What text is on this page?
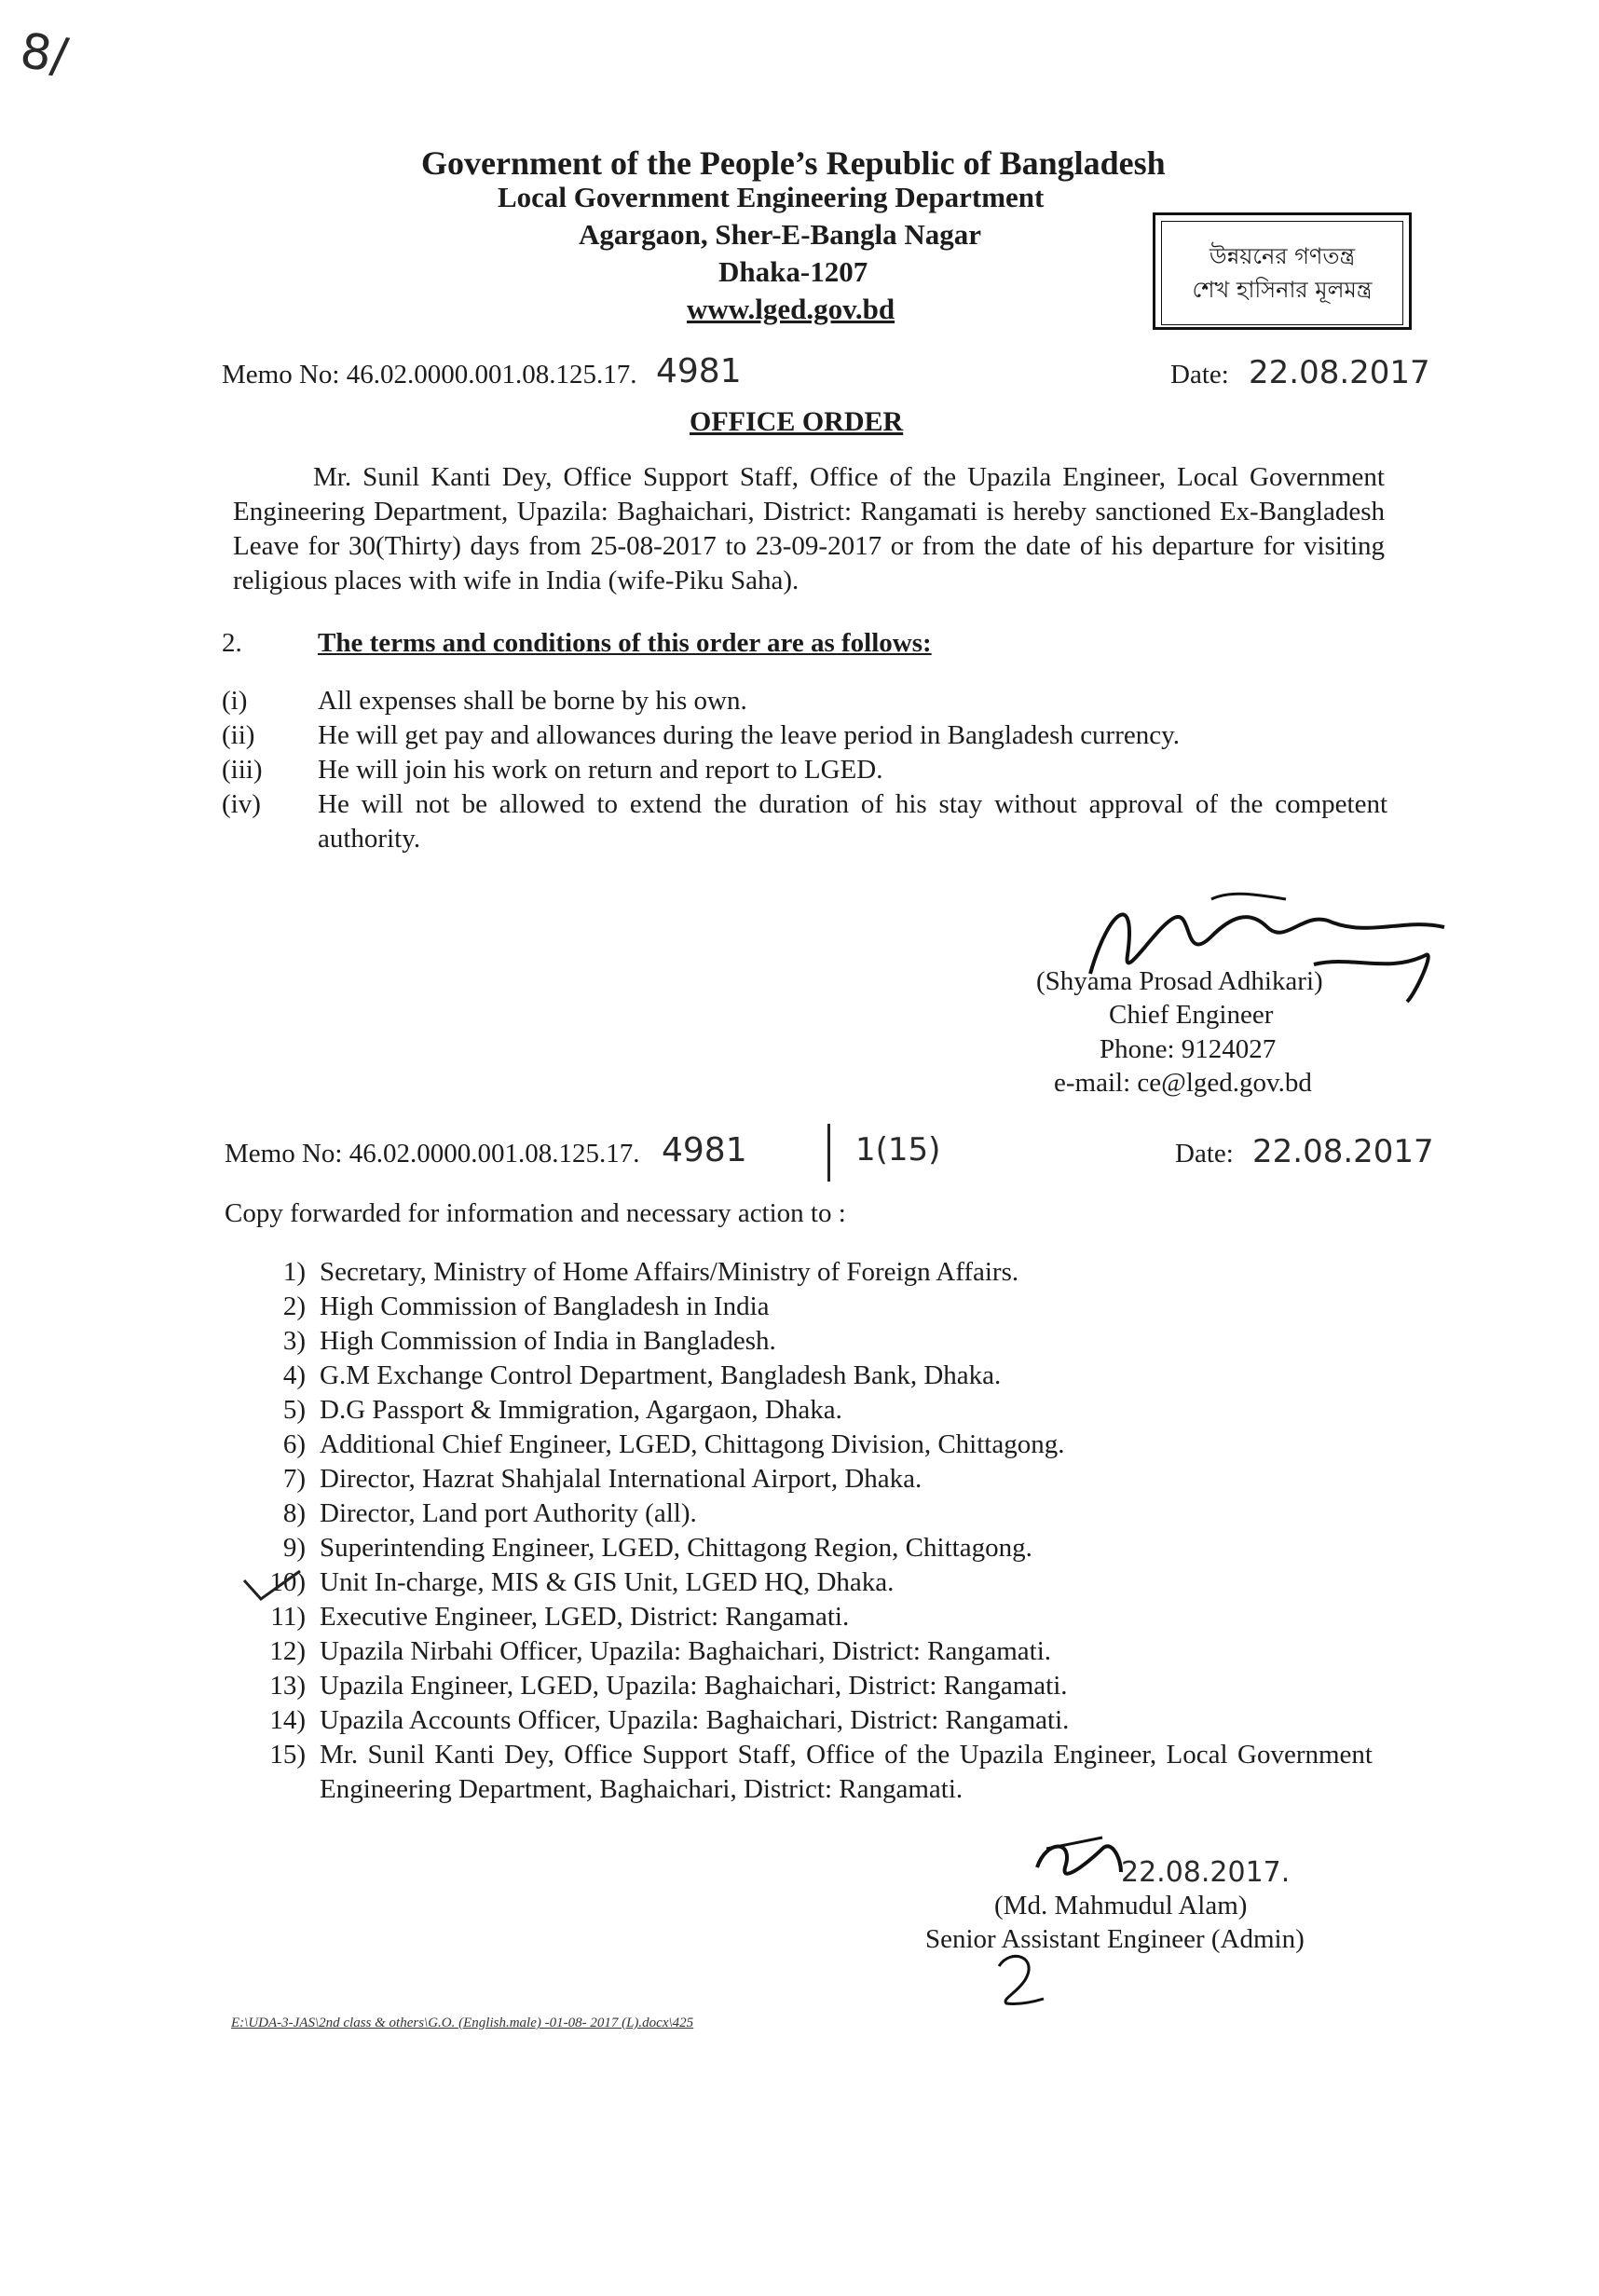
8/
Government of the People’s Republic of Bangladesh
Local Government Engineering Department
Agargaon, Sher-E-Bangla Nagar
Dhaka-1207
www.lged.gov.bd
উন্নয়নের গণতন্ত্র
শেখ হাসিনার মূলমন্ত্র
Memo No: 46.02.0000.001.08.125.17. 4981	Date: 22.08.2017
OFFICE ORDER
Mr. Sunil Kanti Dey, Office Support Staff, Office of the Upazila Engineer, Local Government Engineering Department, Upazila: Baghaichari, District: Rangamati is hereby sanctioned Ex-Bangladesh Leave for 30(Thirty) days from 25-08-2017 to 23-09-2017 or from the date of his departure for visiting religious places with wife in India (wife-Piku Saha).
2.	The terms and conditions of this order are as follows:
(i)	All expenses shall be borne by his own.
(ii)	He will get pay and allowances during the leave period in Bangladesh currency.
(iii)	He will join his work on return and report to LGED.
(iv)	He will not be allowed to extend the duration of his stay without approval of the competent authority.
(Shyama Prosad Adhikari)
Chief Engineer
Phone: 9124027
e-mail: ce@lged.gov.bd
Memo No: 46.02.0000.001.08.125.17. 4981	1(15)	Date: 22.08.2017
Copy forwarded for information and necessary action to :
1) Secretary, Ministry of Home Affairs/Ministry of Foreign Affairs.
2) High Commission of Bangladesh in India
3) High Commission of India in Bangladesh.
4) G.M Exchange Control Department, Bangladesh Bank, Dhaka.
5) D.G Passport & Immigration, Agargaon, Dhaka.
6) Additional Chief Engineer, LGED, Chittagong Division, Chittagong.
7) Director, Hazrat Shahjalal International Airport, Dhaka.
8) Director, Land port Authority (all).
9) Superintending Engineer, LGED, Chittagong Region, Chittagong.
10) Unit In-charge, MIS & GIS Unit, LGED HQ, Dhaka.
11) Executive Engineer, LGED, District: Rangamati.
12) Upazila Nirbahi Officer, Upazila: Baghaichari, District: Rangamati.
13) Upazila Engineer, LGED, Upazila: Baghaichari, District: Rangamati.
14) Upazila Accounts Officer, Upazila: Baghaichari, District: Rangamati.
15) Mr. Sunil Kanti Dey, Office Support Staff, Office of the Upazila Engineer, Local Government Engineering Department, Baghaichari, District: Rangamati.
22.08.2017.
(Md. Mahmudul Alam)
Senior Assistant Engineer (Admin)
E:\UDA-3-JAS\2nd class & others\G.O. (English.male) -01-08- 2017 (L).docx\425
